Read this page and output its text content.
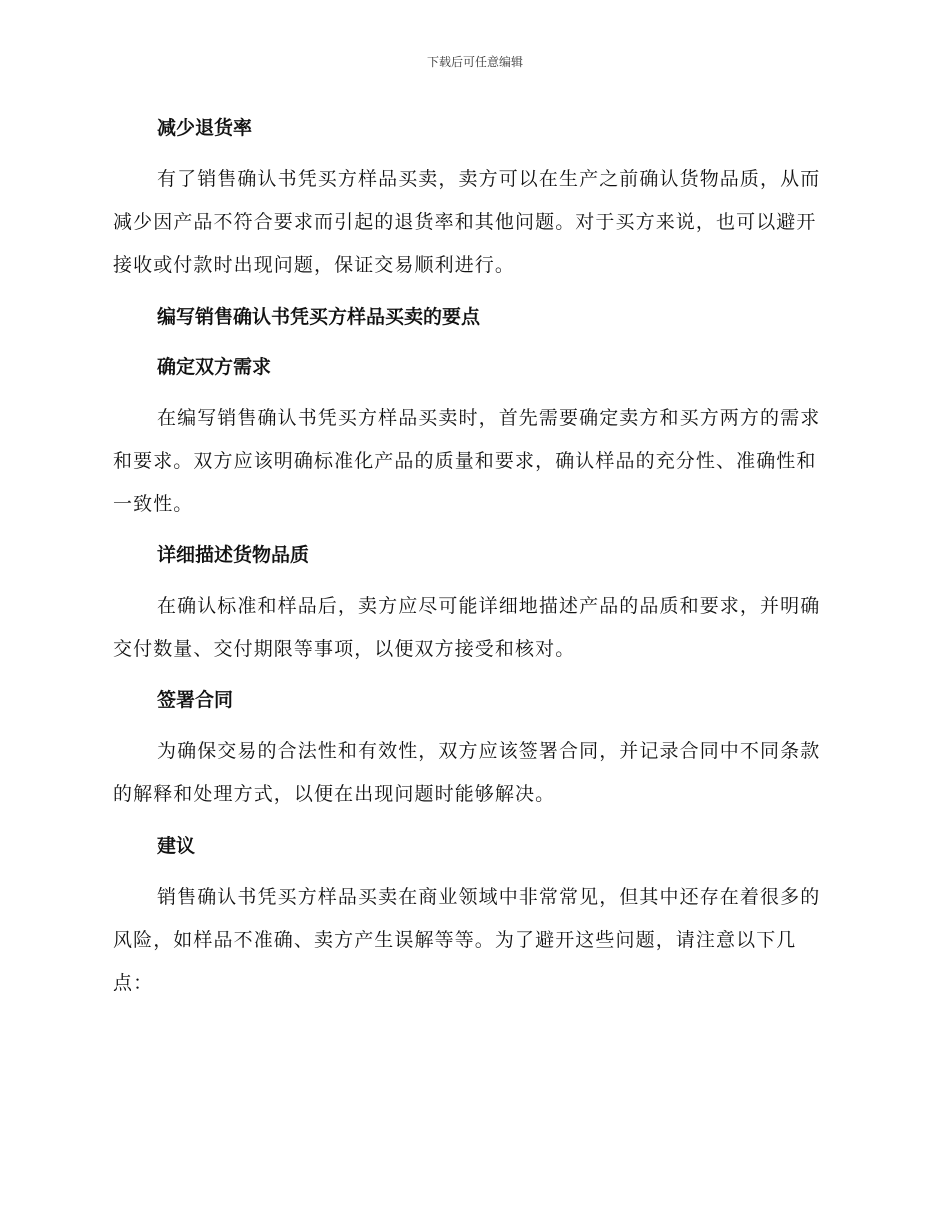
下载后可任意编辑
减少退货率
有了销售确认书凭买方样品买卖，卖方可以在生产之前确认货物品质，从而减少因产品不符合要求而引起的退货率和其他问题。对于买方来说，也可以避开接收或付款时出现问题，保证交易顺利进行。
编写销售确认书凭买方样品买卖的要点
确定双方需求
在编写销售确认书凭买方样品买卖时，首先需要确定卖方和买方两方的需求和要求。双方应该明确标准化产品的质量和要求，确认样品的充分性、准确性和一致性。
详细描述货物品质
在确认标准和样品后，卖方应尽可能详细地描述产品的品质和要求，并明确交付数量、交付期限等事项，以便双方接受和核对。
签署合同
为确保交易的合法性和有效性，双方应该签署合同，并记录合同中不同条款的解释和处理方式，以便在出现问题时能够解决。
建议
销售确认书凭买方样品买卖在商业领域中非常常见，但其中还存在着很多的风险，如样品不准确、卖方产生误解等等。为了避开这些问题，请注意以下几点：
